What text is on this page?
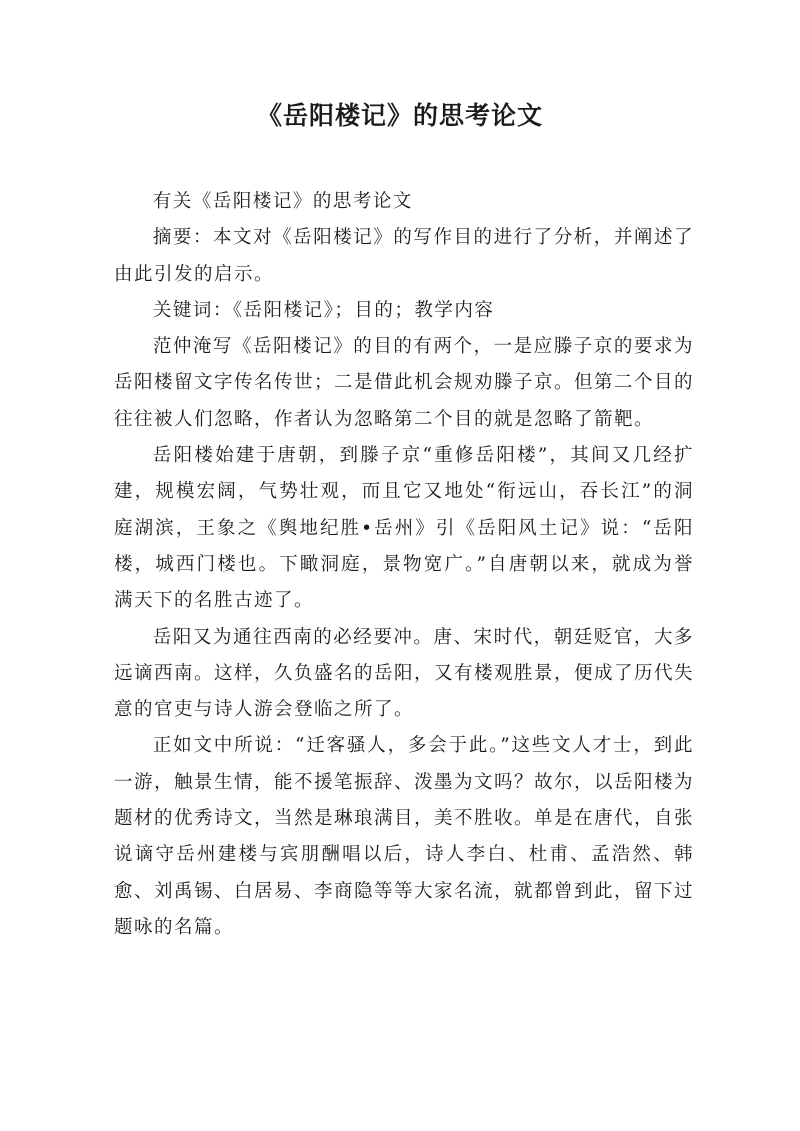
《岳阳楼记》的思考论文

有关《岳阳楼记》的思考论文

摘要：本文对《岳阳楼记》的写作目的进行了分析，并阐述了由此引发的启示。

关键词：《岳阳楼记》；目的；教学内容

范仲淹写《岳阳楼记》的目的有两个，一是应滕子京的要求为岳阳楼留文字传名传世；二是借此机会规劝滕子京。但第二个目的往往被人们忽略，作者认为忽略第二个目的就是忽略了箭靶。

岳阳楼始建于唐朝，到滕子京“重修岳阳楼”，其间又几经扩建，规模宏阔，气势壮观，而且它又地处“衔远山，吞长江”的洞庭湖滨，王象之《舆地纪胜•岳州》引《岳阳风土记》说：“岳阳楼，城西门楼也。下瞰洞庭，景物宽广。”自唐朝以来，就成为誉满天下的名胜古迹了。

岳阳又为通往西南的必经要冲。唐、宋时代，朝廷贬官，大多远谪西南。这样，久负盛名的岳阳，又有楼观胜景，便成了历代失意的官吏与诗人游会登临之所了。

正如文中所说：“迁客骚人，多会于此。”这些文人才士，到此一游，触景生情，能不援笔振辞、泼墨为文吗？故尔，以岳阳楼为题材的优秀诗文，当然是琳琅满目，美不胜收。单是在唐代，自张说谪守岳州建楼与宾朋酬唱以后，诗人李白、杜甫、孟浩然、韩愈、刘禹锡、白居易、李商隐等等大家名流，就都曾到此，留下过题咏的名篇。
